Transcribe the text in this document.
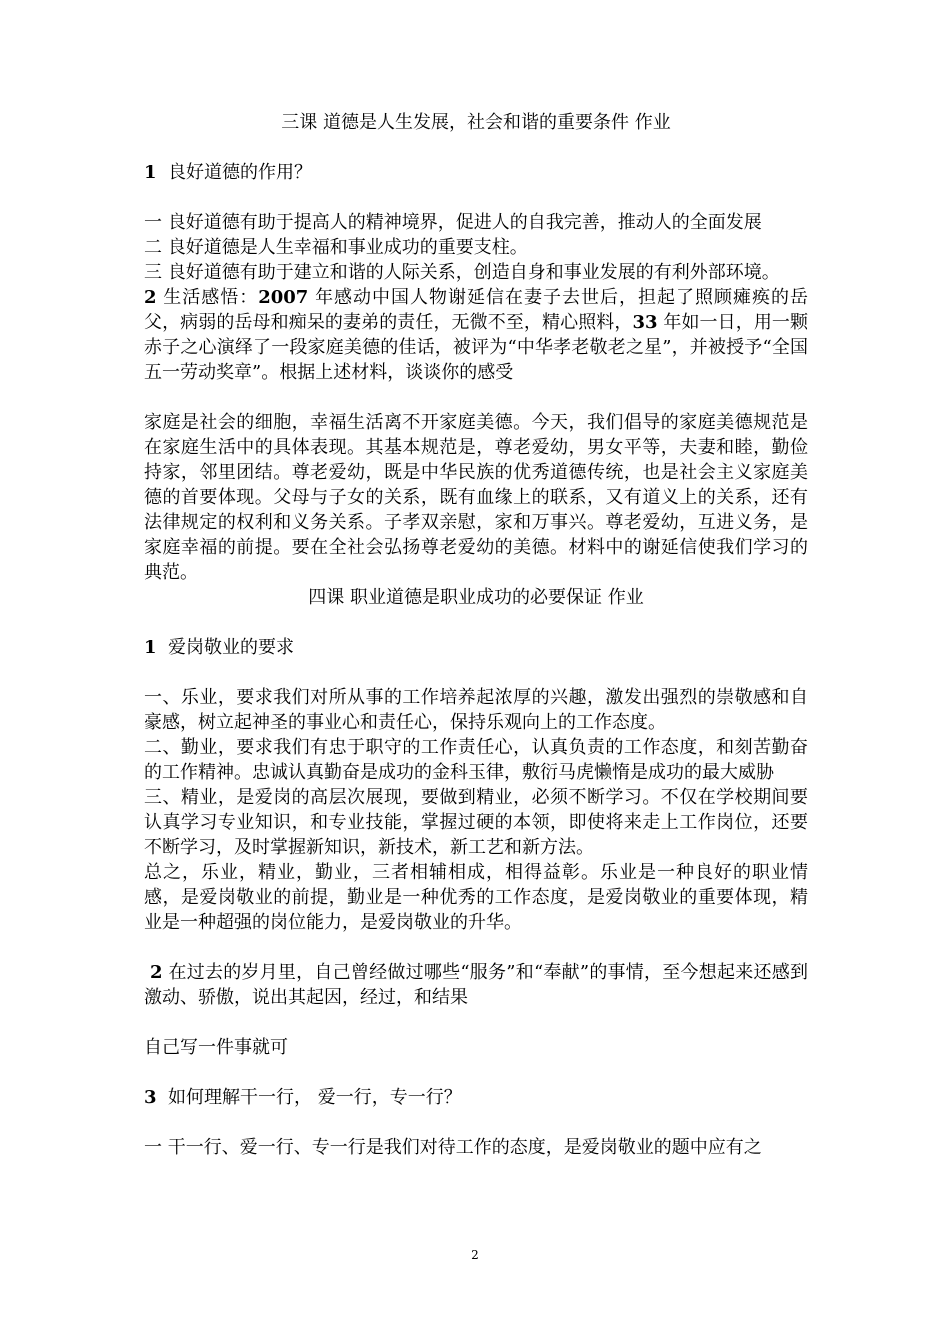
三课 道德是人生发展，社会和谐的重要条件 作业

1 良好道德的作用？

一 良好道德有助于提高人的精神境界，促进人的自我完善，推动人的全面发展

二 良好道德是人生幸福和事业成功的重要支柱。

三 良好道德有助于建立和谐的人际关系，创造自身和事业发展的有利外部环境。

2 生活感悟：2007 年感动中国人物谢延信在妻子去世后，担起了照顾瘫痪的岳父，病弱的岳母和痴呆的妻弟的责任，无微不至，精心照料，33 年如一日，用一颗赤子之心演绎了一段家庭美德的佳话，被评为“中华孝老敬老之星”，并被授予“全国五一劳动奖章”。根据上述材料，谈谈你的感受

家庭是社会的细胞，幸福生活离不开家庭美德。今天，我们倡导的家庭美德规范是在家庭生活中的具体表现。其基本规范是，尊老爱幼，男女平等，夫妻和睦，勤俭持家，邻里团结。尊老爱幼，既是中华民族的优秀道德传统，也是社会主义家庭美德的首要体现。父母与子女的关系，既有血缘上的联系，又有道义上的关系，还有法律规定的权利和义务关系。子孝双亲慰，家和万事兴。尊老爱幼，互进义务，是家庭幸福的前提。要在全社会弘扬尊老爱幼的美德。材料中的谢延信使我们学习的典范。

四课 职业道德是职业成功的必要保证 作业

1 爱岗敬业的要求

一、乐业，要求我们对所从事的工作培养起浓厚的兴趣，激发出强烈的崇敬感和自豪感，树立起神圣的事业心和责任心，保持乐观向上的工作态度。

二、勤业，要求我们有忠于职守的工作责任心，认真负责的工作态度，和刻苦勤奋的工作精神。忠诚认真勤奋是成功的金科玉律，敷衍马虎懒惰是成功的最大威胁

三、精业，是爱岗的高层次展现，要做到精业，必须不断学习。不仅在学校期间要认真学习专业知识，和专业技能，掌握过硬的本领，即使将来走上工作岗位，还要不断学习，及时掌握新知识，新技术，新工艺和新方法。

总之，乐业，精业，勤业，三者相辅相成，相得益彰。乐业是一种良好的职业情感，是爱岗敬业的前提，勤业是一种优秀的工作态度，是爱岗敬业的重要体现，精业是一种超强的岗位能力，是爱岗敬业的升华。

2 在过去的岁月里，自己曾经做过哪些“服务”和“奉献”的事情，至今想起来还感到激动、骄傲，说出其起因，经过，和结果

自己写一件事就可

3 如何理解干一行， 爱一行，专一行？

一 干一行、爱一行、专一行是我们对待工作的态度，是爱岗敬业的题中应有之

2
